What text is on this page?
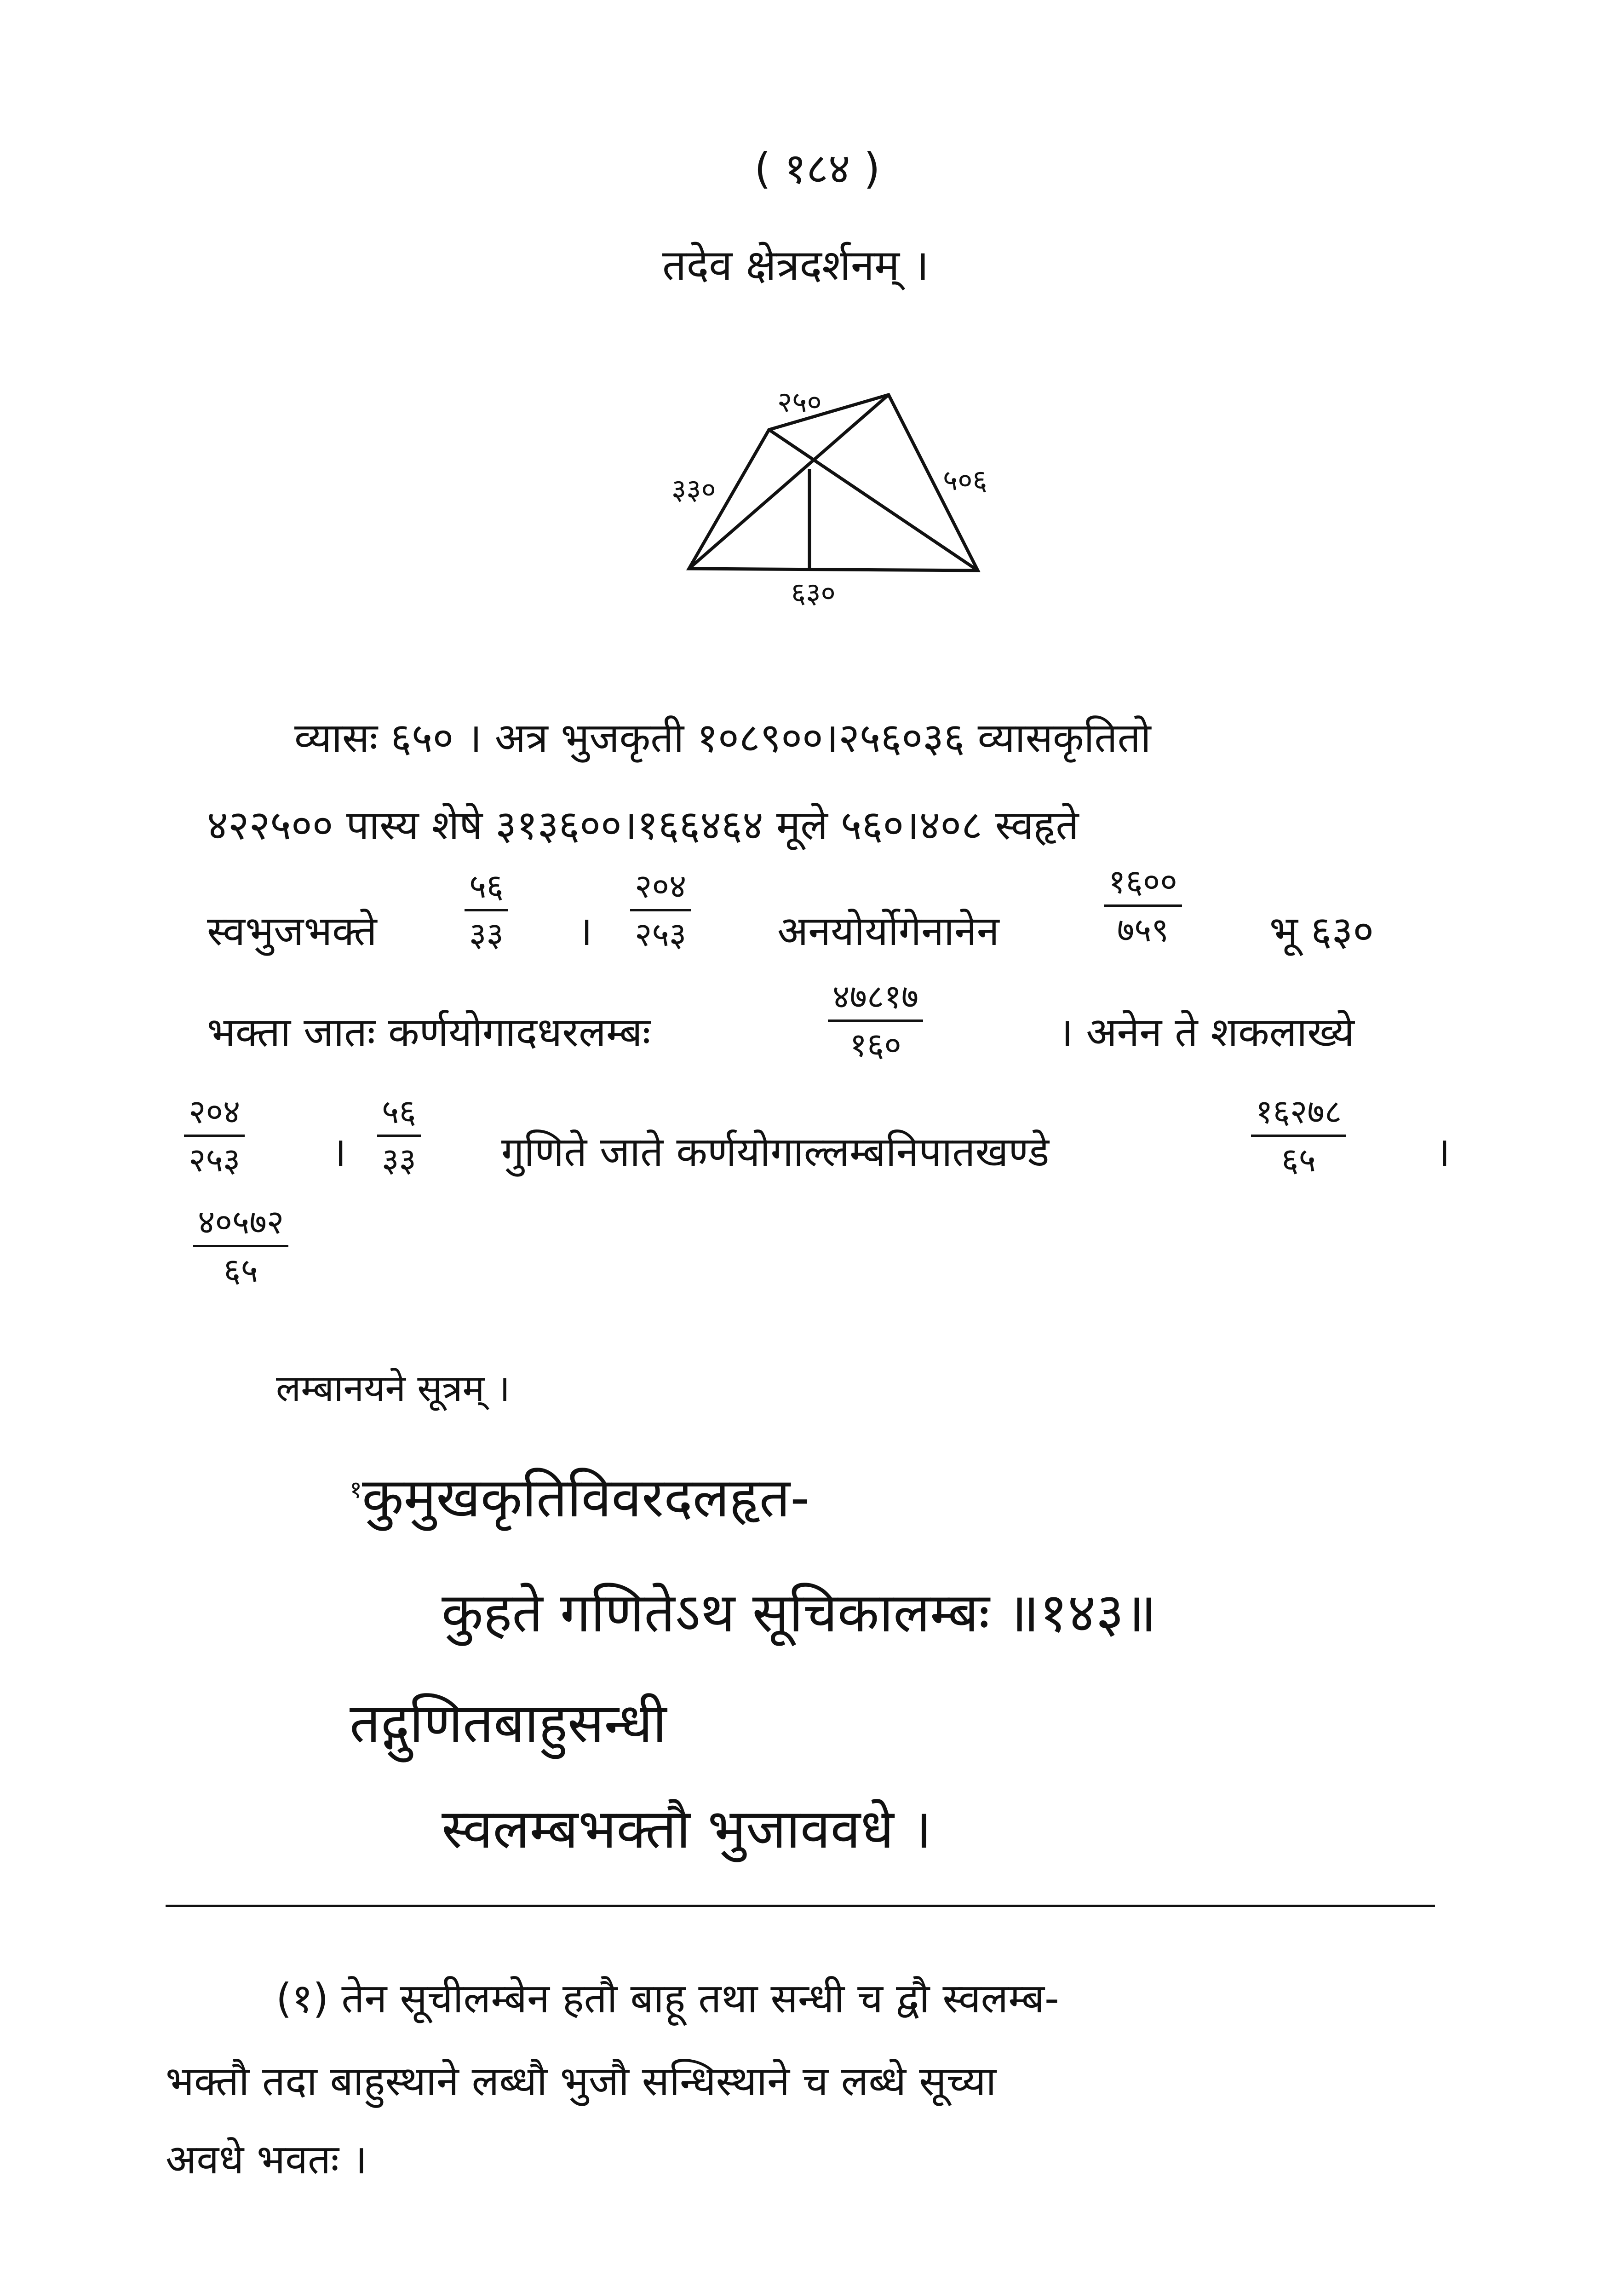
( १८४ )
तदेव क्षेत्रदर्शनम् ।
२५०
३३०	५०६
६३०
व्यासः ६५० । अत्र भुजकृती १०८९००।२५६०३६ व्यासकृतितो
४२२५०० पास्य शेषे ३१३६००।१६६४६४ मूले ५६०।४०८ स्वहृते
स्वभुजभक्ते
५६
३३ ।
२०४
२५३ अनयोर्योगेनानेन
१६००
७५९	भू ६३०
भक्ता जातः कर्णयोगादधरलम्बः
४७८१७
१६०	। अनेन ते शकलाख्ये
२०४
२५३ ।
५६
३३ गुणिते जाते कर्णयोगाल्लम्बनिपातखण्डे
१६२७८
६५	।
४०५७२
६५
लम्बानयने सूत्रम् ।
$^१$कुमुखकृतिविवरदलहृत-
कुहते गणितेऽथ सूचिकालम्बः ॥१४३॥
तद्गुणितबाहुसन्धी
स्वलम्बभक्तौ भुजाववधे ।
(१) तेन सूचीलम्बेन हतौ बाहू तथा सन्धी च द्वौ स्वलम्ब-
भक्तौ तदा बाहुस्थाने लब्धौ भुजौ सन्धिस्थाने च लब्धे सूच्या
अवधे भवतः ।
